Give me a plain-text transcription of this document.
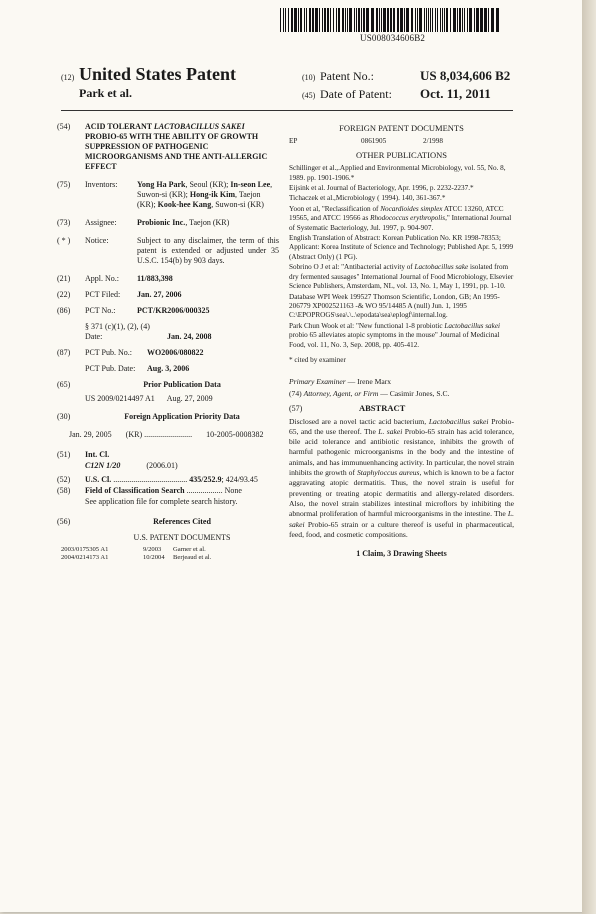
US008034606B2
(12) United States Patent
Park et al.
(10) Patent No.:	US 8,034,606 B2
(45) Date of Patent:	Oct. 11, 2011
(54)	ACID TOLERANT LACTOBACILLUS SAKEI PROBIO-65 WITH THE ABILITY OF GROWTH SUPPRESSION OF PATHOGENIC MICROORGANISMS AND THE ANTI-ALLERGIC EFFECT
(75)	Inventors:	Yong Ha Park, Seoul (KR); In-seon Lee, Suwon-si (KR); Hong-ik Kim, Taejon (KR); Kook-hee Kang, Suwon-si (KR)
(73)	Assignee:	Probionic Inc., Taejon (KR)
( * )	Notice:	Subject to any disclaimer, the term of this patent is extended or adjusted under 35 U.S.C. 154(b) by 903 days.
(21)	Appl. No.:	11/883,398
(22)	PCT Filed:	Jan. 27, 2006
(86)	PCT No.:	PCT/KR2006/000325
§ 371 (c)(1), (2), (4) Date:	Jan. 24, 2008
(87)	PCT Pub. No.:	WO2006/080822
PCT Pub. Date:	Aug. 3, 2006
(65)	Prior Publication Data
US 2009/0214497 A1 Aug. 27, 2009
(30)	Foreign Application Priority Data
Jan. 29, 2005 (KR) ........................ 10-2005-0008382
(51)	Int. Cl.
C12N 1/20	(2006.01)
(52)	U.S. Cl. ..................................... 435/252.9; 424/93.45
(58)	Field of Classification Search .................. None
See application file for complete search history.
(56)	References Cited
U.S. PATENT DOCUMENTS
2003/0175305 A1	9/2003	Garner et al.
2004/0214173 A1	10/2004	Berjeaud et al.
FOREIGN PATENT DOCUMENTS
EP	0861905	2/1998
OTHER PUBLICATIONS

Schillinger et al.,.Applied and Environmental Microbiology, vol. 55, No. 8, 1989. pp. 1901-1906.*

Eijsink et al. Journal of Bacteriology, Apr. 1996, p. 2232-2237.*

Tichaczek et al.,Microbiology ( 1994). 140, 361-367.*

Yoon et al, "Reclassification of Nocardioides simplex ATCC 13260, ATCC 19565, and ATCC 19566 as Rhodococcus erythropolis," International Journal of Systematic Bacteriology, Jul. 1997, p. 904-907.

English Translation of Abstract: Korean Publication No. KR 1998-78353; Applicant: Korea Institute of Science and Technology; Published Apr. 5, 1999 (Abstract Only) (1 PG).

Sobrino O J et al: "Antibacterial activity of Lactobacillus sake isolated from dry fermented sausages" International Journal of Food Microbiology, Elsevier Science Publishers, Amsterdam, NL, vol. 13, No. 1, May 1, 1991, pp. 1-10.

Database WPI Week 199527 Thomson Scientific, London, GB; An 1995-206779 XP002521163 -& WO 95/14485 A (null) Jun. 1, 1995 C:\EPOPROGS\sea\.\..\epodata\sea\eplogf\internal.log.

Park Chun Wook et al: "New functional 1-8 probiotic Lactobacillus sakei probio 65 alleviates atopic symptoms in the mouse" Journal of Medicinal Food, vol. 11, No. 3, Sep. 2008, pp. 405-412.

* cited by examiner
Primary Examiner — Irene Marx
(74) Attorney, Agent, or Firm — Casimir Jones, S.C.
(57)	ABSTRACT
Disclosed are a novel tactic acid bacterium, Lactobacillus sakei Probio-65, and the use thereof. The L. sakei Probio-65 strain has acid tolerance, bile acid tolerance and antibiotic resistance, inhibits the growth of harmful pathogenic microorganisms in the body and the intestine of animals, and has immunuenhancing activity. In particular, the novel strain inhibits the growth of Staphyloccus aureus, which is known to be a factor aggravating atopic dermatitis. Thus, the novel strain is useful for preventing or treating atopic dermatitis and allergy-related disorders. Also, the novel strain stabilizes intestinal microflors by inhibiting the abnormal proliferation of harmful microorganisms in the intestine. The L. sakei Probio-65 strain or a culture thereof is useful in pharmaceutical, feed, food, and cosmetic compositions.
1 Claim, 3 Drawing Sheets
